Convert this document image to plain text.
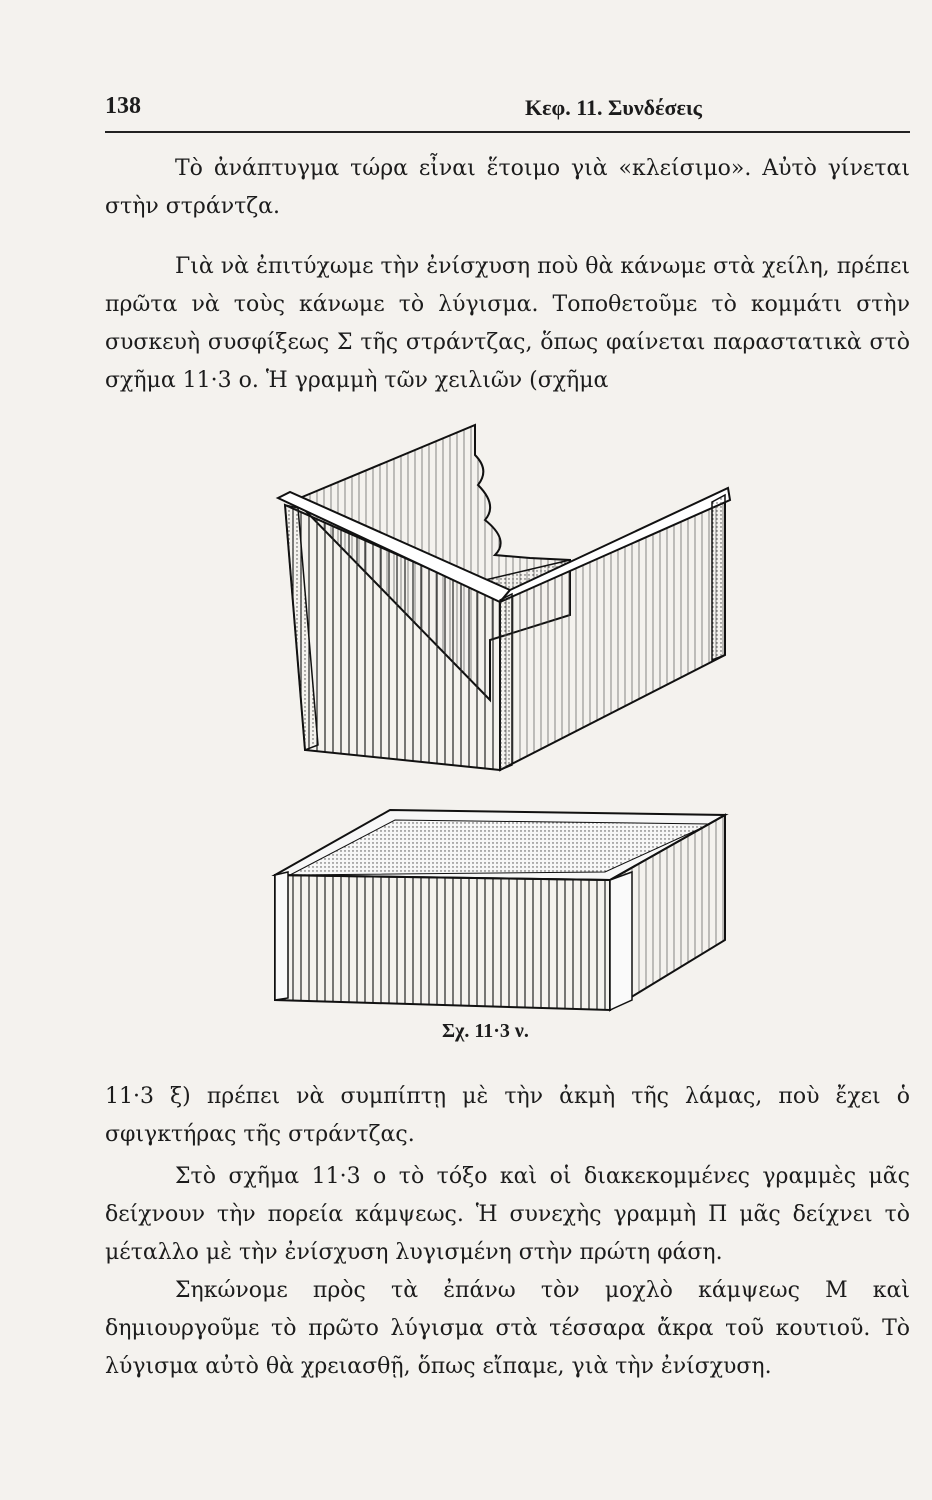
138	Κεφ. 11. Συνδέσεις

Τὸ ἀνάπτυγμα τώρα εἶναι ἕτοιμο γιὰ «κλείσιμο». Αὐτὸ γίνεται στὴν στράντζα.

Γιὰ νὰ ἐπιτύχωμε τὴν ἐνίσχυση ποὺ θὰ κάνωμε στὰ χείλη, πρέπει πρῶτα νὰ τοὺς κάνωμε τὸ λύγισμα. Τοποθετοῦμε τὸ κομμάτι στὴν συσκευὴ συσφίξεως Σ τῆς στράντζας, ὅπως φαίνεται παραστατικὰ στὸ σχῆμα 11·3 ο. Ἡ γραμμὴ τῶν χειλιῶν (σχῆμα

Σχ. 11·3 ν.

11·3 ξ) πρέπει νὰ συμπίπτῃ μὲ τὴν ἀκμὴ τῆς λάμας, ποὺ ἔχει ὁ σφιγκτήρας τῆς στράντζας.

Στὸ σχῆμα 11·3 ο τὸ τόξο καὶ οἱ διακεκομμένες γραμμὲς μᾶς δείχνουν τὴν πορεία κάμψεως. Ἡ συνεχὴς γραμμὴ Π μᾶς δείχνει τὸ μέταλλο μὲ τὴν ἐνίσχυση λυγισμένη στὴν πρώτη φάση.

Σηκώνομε πρὸς τὰ ἐπάνω τὸν μοχλὸ κάμψεως Μ καὶ δημιουργοῦμε τὸ πρῶτο λύγισμα στὰ τέσσαρα ἄκρα τοῦ κουτιοῦ. Τὸ λύγισμα αὐτὸ θὰ χρειασθῇ, ὅπως εἴπαμε, γιὰ τὴν ἐνίσχυση.
